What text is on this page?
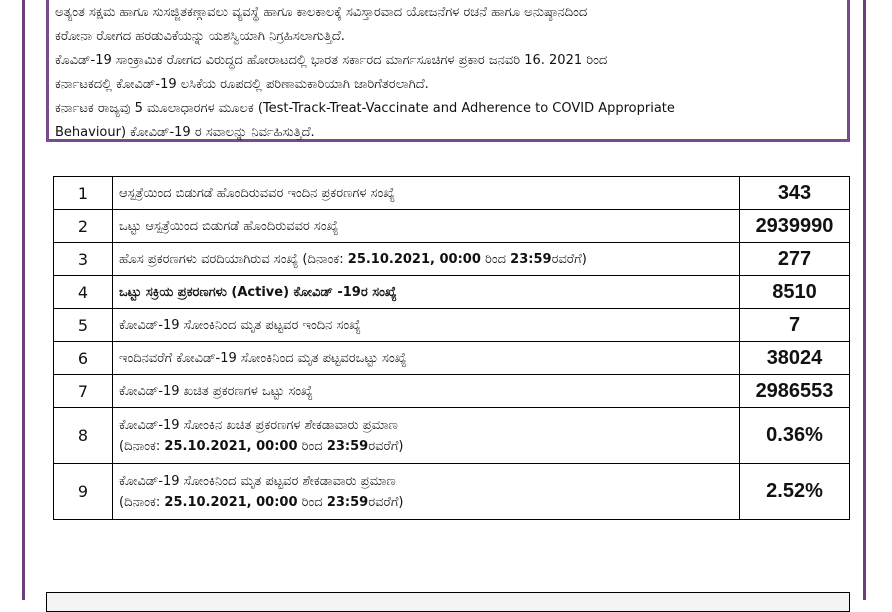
ಅತ್ಯಂತ ಸಕ್ಷಮ ಹಾಗೂ ಸುಸಜ್ಜಿತಕಣ್ಗಾವಲು ವ್ಯವಸ್ಥೆ ಹಾಗೂ ಕಾಲಕಾಲಕ್ಕೆ ಸವಿಸ್ತಾರವಾದ ಯೋಜನೆಗಳ ರಚನೆ ಹಾಗೂ ಅನುಷ್ಠಾನದಿಂದ

ಕರೋನಾ ರೋಗದ ಹರಡುವಿಕೆಯನ್ನು ಯಶಸ್ವಿಯಾಗಿ ನಿಗ್ರಹಿಸಲಾಗುತ್ತಿದೆ.

ಕೊವಿಡ್-19 ಸಾಂಕ್ರಾಮಿಕ ರೋಗದ ವಿರುದ್ಧದ ಹೋರಾಟದಲ್ಲಿ ಭಾರತ ಸರ್ಕಾರದ ಮಾರ್ಗಸೂಚಿಗಳ ಪ್ರಕಾರ ಜನವರಿ 16. 2021 ರಿಂದ

ಕರ್ನಾಟಕದಲ್ಲಿ ಕೋವಿಡ್-19 ಲಸಿಕೆಯ ರೂಪದಲ್ಲಿ ಪರಿಣಾಮಕಾರಿಯಾಗಿ ಜಾರಿಗೆತರಲಾಗಿದೆ.

ಕರ್ನಾಟಕ ರಾಜ್ಯವು 5 ಮೂಲಾಧಾರಗಳ ಮೂಲಕ (Test-Track-Treat-Vaccinate and Adherence to COVID Appropriate

Behaviour) ಕೋವಿಡ್-19 ರ ಸವಾಲನ್ನು ನಿರ್ವಹಿಸುತ್ತಿದೆ.

1	ಆಸ್ಪತ್ರೆಯಿಂದ ಬಿಡುಗಡೆ ಹೊಂದಿರುವವರ ಇಂದಿನ ಪ್ರಕರಣಗಳ ಸಂಖ್ಯೆ	343
2	ಒಟ್ಟು ಆಸ್ಪತ್ರೆಯಿಂದ ಬಿಡುಗಡೆ ಹೊಂದಿರುವವರ ಸಂಖ್ಯೆ	2939990
3	ಹೊಸ ಪ್ರಕರಣಗಳು ವರದಿಯಾಗಿರುವ ಸಂಖ್ಯೆ (ದಿನಾಂಕ: 25.10.2021, 00:00 ರಿಂದ 23:59ರವರೆಗೆ)	277
4	ಒಟ್ಟು ಸಕ್ರಿಯ ಪ್ರಕರಣಗಳು (Active) ಕೋವಿಡ್ -19ರ ಸಂಖ್ಯೆ	8510
5	ಕೋವಿಡ್-19 ಸೋಂಕಿನಿಂದ ಮೃತ ಪಟ್ಟವರ ಇಂದಿನ ಸಂಖ್ಯೆ	7
6	ಇಂದಿನವರೆಗೆ ಕೋವಿಡ್-19 ಸೋಂಕಿನಿಂದ ಮೃತ ಪಟ್ಟವರಒಟ್ಟು ಸಂಖ್ಯೆ	38024
7	ಕೋವಿಡ್-19 ಖಚಿತ ಪ್ರಕರಣಗಳ ಒಟ್ಟು ಸಂಖ್ಯೆ	2986553
8	ಕೋವಿಡ್-19 ಸೋಂಕಿನ ಖಚಿತ ಪ್ರಕರಣಗಳ ಶೇಕಡಾವಾರು ಪ್ರಮಾಣ
(ದಿನಾಂಕ: 25.10.2021, 00:00 ರಿಂದ 23:59ರವರೆಗೆ)	0.36%
9	ಕೋವಿಡ್-19 ಸೋಂಕಿನಿಂದ ಮೃತ ಪಟ್ಟವರ ಶೇಕಡಾವಾರು ಪ್ರಮಾಣ
(ದಿನಾಂಕ: 25.10.2021, 00:00 ರಿಂದ 23:59ರವರೆಗೆ)	2.52%
